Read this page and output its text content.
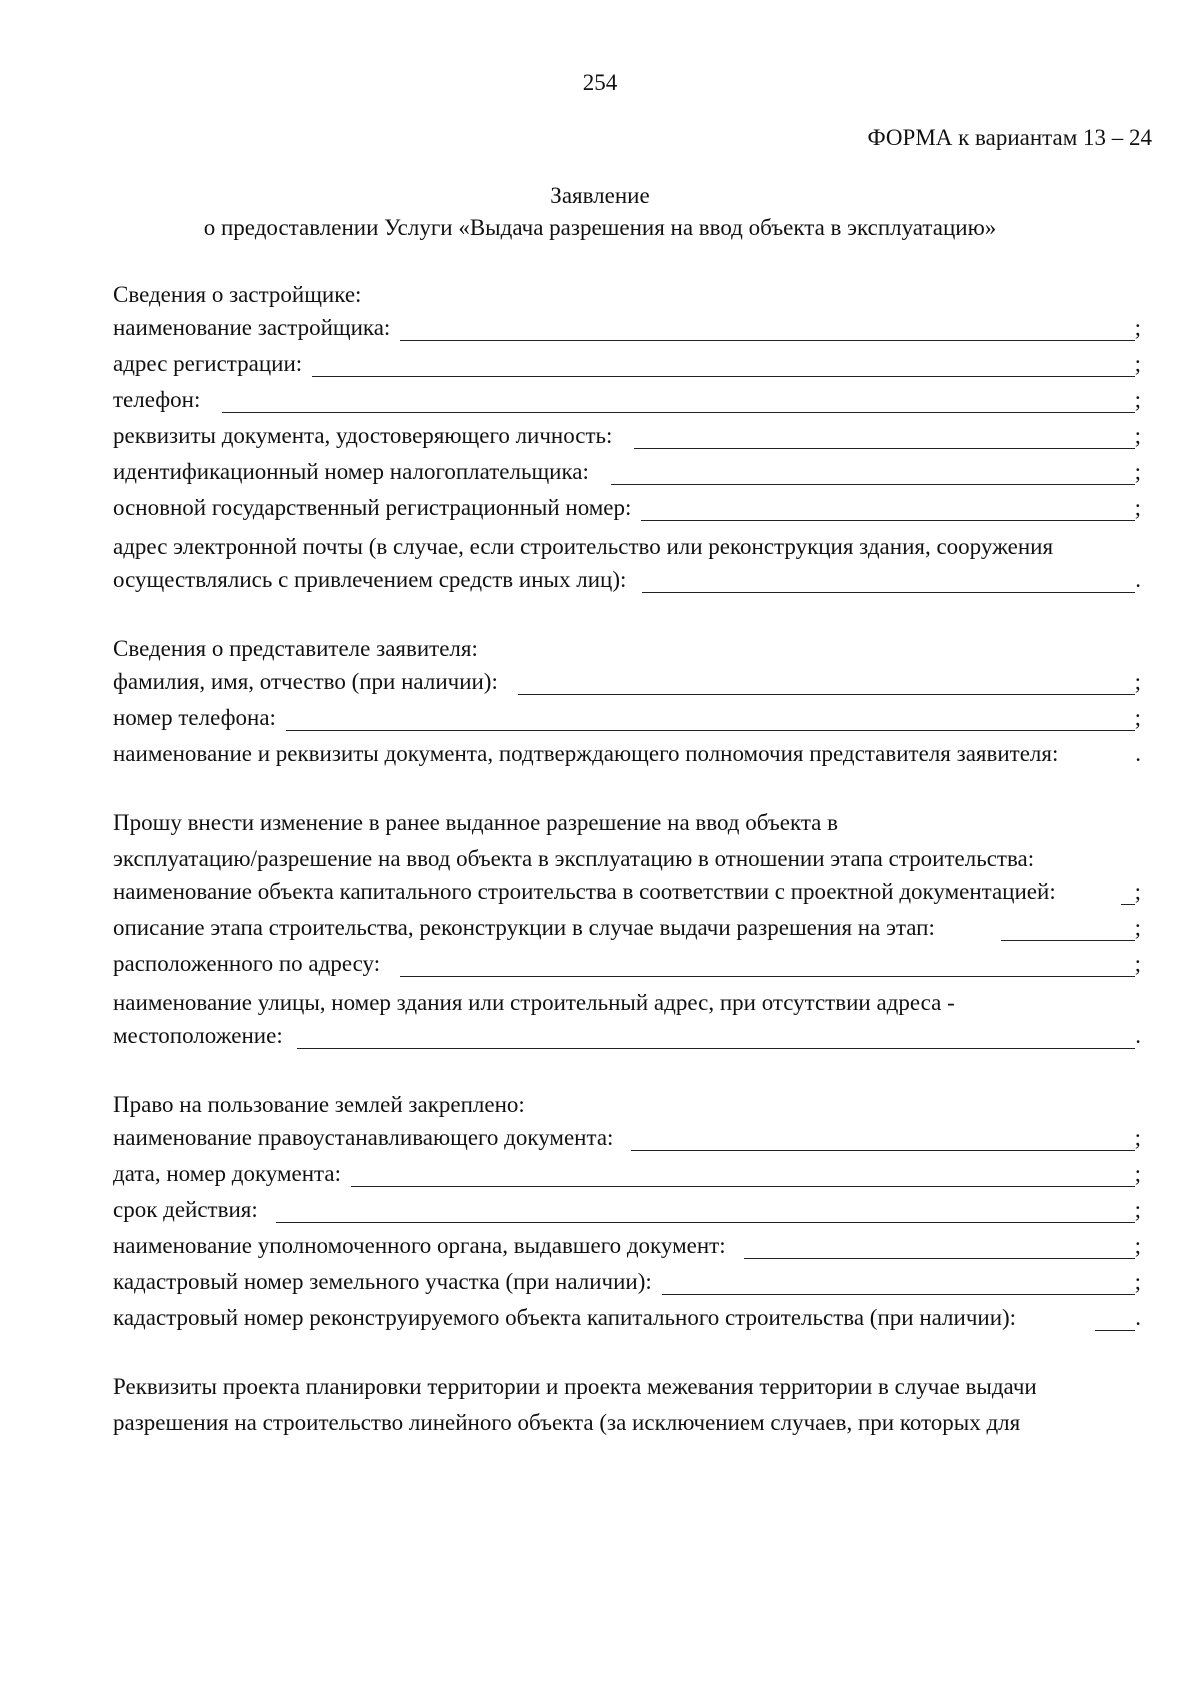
254
ФОРМА к вариантам 13 – 24
Заявление
о предоставлении Услуги «Выдача разрешения на ввод объекта в эксплуатацию»
Сведения о застройщике:
наименование застройщика:	;
адрес регистрации:	;
телефон:	;
реквизиты документа, удостоверяющего личность:	;
идентификационный номер налогоплательщика:	;
основной государственный регистрационный номер:	;
адрес электронной почты (в случае, если строительство или реконструкция здания, сооружения
осуществлялись с привлечением средств иных лиц):	.
Сведения о представителе заявителя:
фамилия, имя, отчество (при наличии):	;
номер телефона:	;
наименование и реквизиты документа, подтверждающего полномочия представителя заявителя:	.
Прошу внести изменение в ранее выданное разрешение на ввод объекта в
эксплуатацию/разрешение на ввод объекта в эксплуатацию в отношении этапа строительства:
наименование объекта капитального строительства в соответствии с проектной документацией:	;
описание этапа строительства, реконструкции в случае выдачи разрешения на этап:	;
расположенного по адресу:	;
наименование улицы, номер здания или строительный адрес, при отсутствии адреса -
местоположение:	.
Право на пользование землей закреплено:
наименование правоустанавливающего документа:	;
дата, номер документа:	;
срок действия:	;
наименование уполномоченного органа, выдавшего документ:	;
кадастровый номер земельного участка (при наличии):	;
кадастровый номер реконструируемого объекта капитального строительства (при наличии):	.
Реквизиты проекта планировки территории и проекта межевания территории в случае выдачи
разрешения на строительство линейного объекта (за исключением случаев, при которых для
